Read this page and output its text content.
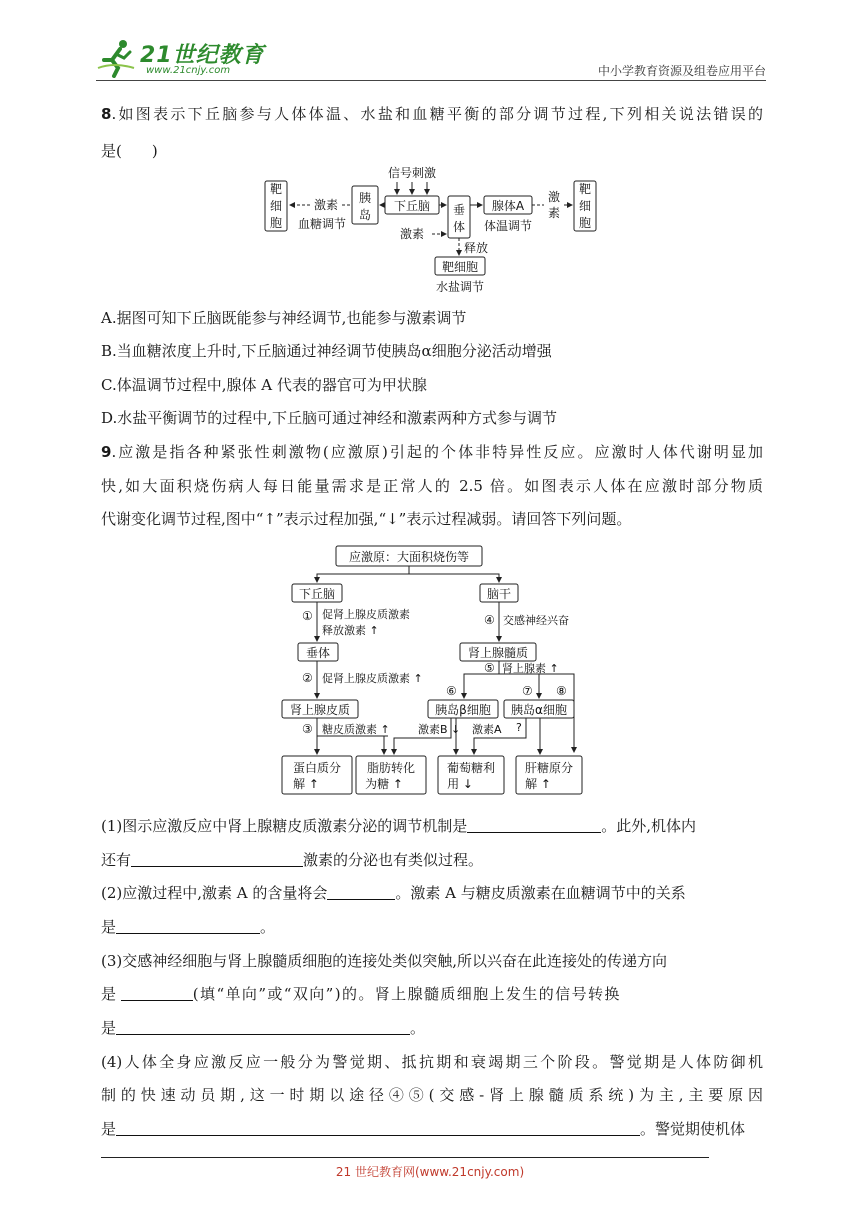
21世纪教育
www.21cnjy.com	中小学教育资源及组卷应用平台
8.如图表示下丘脑参与人体体温、水盐和血糖平衡的部分调节过程,下列相关说法错误的
是(　　)
靶
细
胞
激素
血糖调节
胰
岛
信号刺激
下丘脑
激素
垂
体
释放
靶细胞
水盐调节
腺体A
体温调节
激
素
靶
细
胞
A.据图可知下丘脑既能参与神经调节,也能参与激素调节
B.当血糖浓度上升时,下丘脑通过神经调节使胰岛α细胞分泌活动增强
C.体温调节过程中,腺体 A 代表的器官可为甲状腺
D.水盐平衡调节的过程中,下丘脑可通过神经和激素两种方式参与调节
9.应激是指各种紧张性刺激物(应激原)引起的个体非特异性反应。应激时人体代谢明显加
快,如大面积烧伤病人每日能量需求是正常人的 2.5 倍。如图表示人体在应激时部分物质
代谢变化调节过程,图中“↑”表示过程加强,“↓”表示过程减弱。请回答下列问题。
应激原：大面积烧伤等
下丘脑	脑干
① 促肾上腺皮质激素
释放激素 ↑
④ 交感神经兴奋
垂体	肾上腺髓质
② 促肾上腺皮质激素 ↑
⑤ 肾上腺素 ↑
⑥	⑦ ⑧
胰岛β细胞 胰岛α细胞
肾上腺皮质
③ 糖皮质激素 ↑	激素B ↓ 激素A ?
蛋白质分
解 ↑
脂肪转化
为糖 ↑
葡萄糖利
用 ↓
肝糖原分
解 ↑
(1)图示应激反应中肾上腺糖皮质激素分泌的调节机制是	。此外,机体内
还有	激素的分泌也有类似过程。
(2)应激过程中,激素 A 的含量将会	。激素 A 与糖皮质激素在血糖调节中的关系
是	。
(3)交感神经细胞与肾上腺髓质细胞的连接处类似突触,所以兴奋在此连接处的传递方向
是	(填“单向”或“双向”)的。肾上腺髓质细胞上发生的信号转换
是	。
(4)人体全身应激反应一般分为警觉期、抵抗期和衰竭期三个阶段。警觉期是人体防御机
制的快速动员期,这一时期以途径④⑤(交感-肾上腺髓质系统)为主,主要原因
是	。警觉期使机体
21 世纪教育网(www.21cnjy.com)
